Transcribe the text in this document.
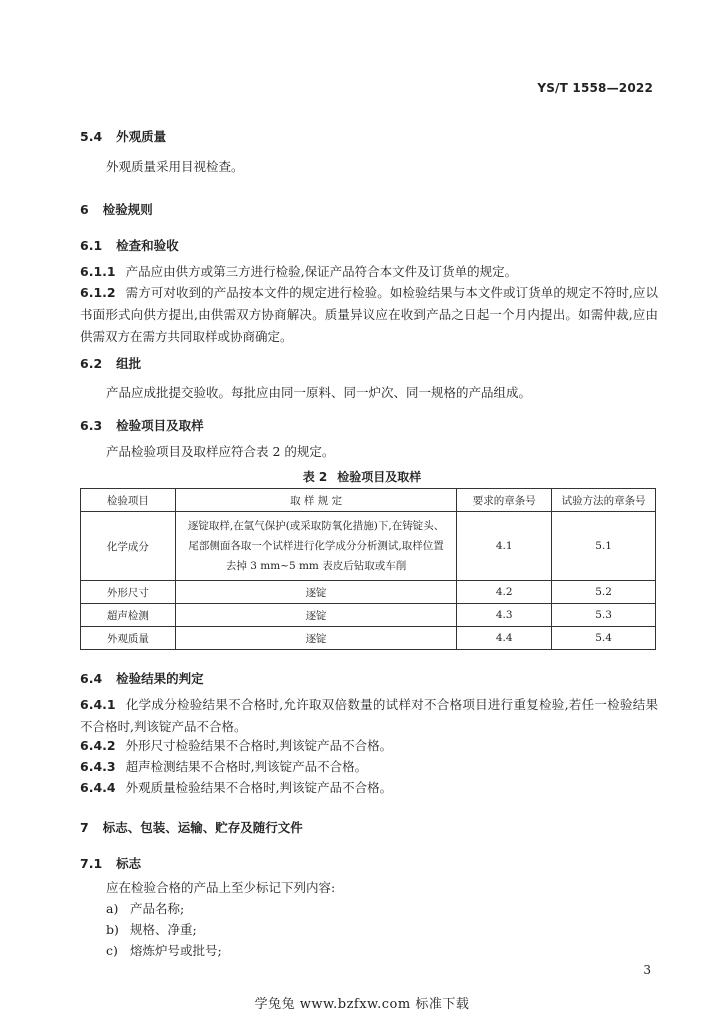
YS/T 1558—2022
5.4 外观质量
外观质量采用目视检查。
6 检验规则
6.1 检查和验收
6.1.1 产品应由供方或第三方进行检验,保证产品符合本文件及订货单的规定。
6.1.2 需方可对收到的产品按本文件的规定进行检验。如检验结果与本文件或订货单的规定不符时,应以书面形式向供方提出,由供需双方协商解决。质量异议应在收到产品之日起一个月内提出。如需仲裁,应由供需双方在需方共同取样或协商确定。
6.2 组批
产品应成批提交验收。每批应由同一原料、同一炉次、同一规格的产品组成。
6.3 检验项目及取样
产品检验项目及取样应符合表 2 的规定。
表 2 检验项目及取样
检验项目	取 样 规 定	要求的章条号	试验方法的章条号
化学成分	逐锭取样,在氩气保护(或采取防氧化措施)下,在铸锭头、尾部侧面各取一个试样进行化学成分分析测试,取样位置去掉 3 mm~5 mm 表皮后钻取或车削	4.1	5.1
外形尺寸	逐锭	4.2	5.2
超声检测	逐锭	4.3	5.3
外观质量	逐锭	4.4	5.4
6.4 检验结果的判定
6.4.1 化学成分检验结果不合格时,允许取双倍数量的试样对不合格项目进行重复检验,若任一检验结果不合格时,判该锭产品不合格。
6.4.2 外形尺寸检验结果不合格时,判该锭产品不合格。
6.4.3 超声检测结果不合格时,判该锭产品不合格。
6.4.4 外观质量检验结果不合格时,判该锭产品不合格。
7 标志、包装、运输、贮存及随行文件
7.1 标志
应在检验合格的产品上至少标记下列内容:
a) 产品名称;
b) 规格、净重;
c) 熔炼炉号或批号;
3
学兔兔 www.bzfxw.com 标准下载
